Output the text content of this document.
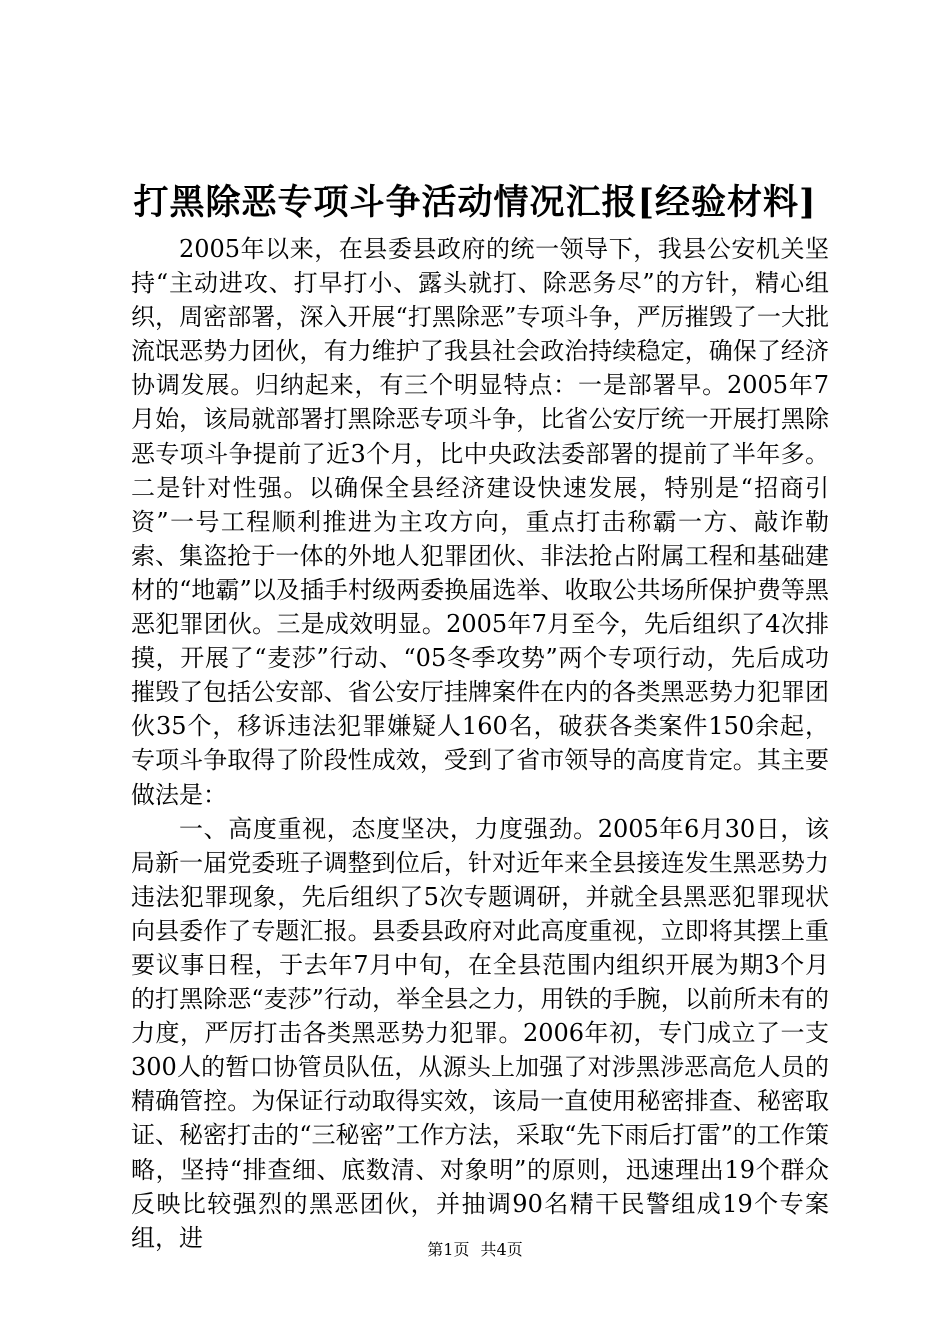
打黑除恶专项斗争活动情况汇报[经验材料]

2005年以来，在县委县政府的统一领导下，我县公安机关坚持“主动进攻、打早打小、露头就打、除恶务尽”的方针，精心组织，周密部署，深入开展“打黑除恶”专项斗争，严厉摧毁了一大批流氓恶势力团伙，有力维护了我县社会政治持续稳定，确保了经济协调发展。归纳起来，有三个明显特点：一是部署早。2005年7月始，该局就部署打黑除恶专项斗争，比省公安厅统一开展打黑除恶专项斗争提前了近3个月，比中央政法委部署的提前了半年多。二是针对性强。以确保全县经济建设快速发展，特别是“招商引资”一号工程顺利推进为主攻方向，重点打击称霸一方、敲诈勒索、集盗抢于一体的外地人犯罪团伙、非法抢占附属工程和基础建材的“地霸”以及插手村级两委换届选举、收取公共场所保护费等黑恶犯罪团伙。三是成效明显。2005年7月至今，先后组织了4次排摸，开展了“麦莎”行动、“05冬季攻势”两个专项行动，先后成功摧毁了包括公安部、省公安厅挂牌案件在内的各类黑恶势力犯罪团伙35个，移诉违法犯罪嫌疑人160名，破获各类案件150余起，专项斗争取得了阶段性成效，受到了省市领导的高度肯定。其主要做法是：

一、高度重视，态度坚决，力度强劲。2005年6月30日，该局新一届党委班子调整到位后，针对近年来全县接连发生黑恶势力违法犯罪现象，先后组织了5次专题调研，并就全县黑恶犯罪现状向县委作了专题汇报。县委县政府对此高度重视，立即将其摆上重要议事日程，于去年7月中旬，在全县范围内组织开展为期3个月的打黑除恶“麦莎”行动，举全县之力，用铁的手腕，以前所未有的力度，严厉打击各类黑恶势力犯罪。2006年初，专门成立了一支300人的暂口协管员队伍，从源头上加强了对涉黑涉恶高危人员的精确管控。为保证行动取得实效，该局一直使用秘密排查、秘密取证、秘密打击的“三秘密”工作方法，采取“先下雨后打雷”的工作策略，坚持“排查细、底数清、对象明”的原则，迅速理出19个群众反映比较强烈的黑恶团伙，并抽调90名精干民警组成19个专案组，进	第1页 共4页
